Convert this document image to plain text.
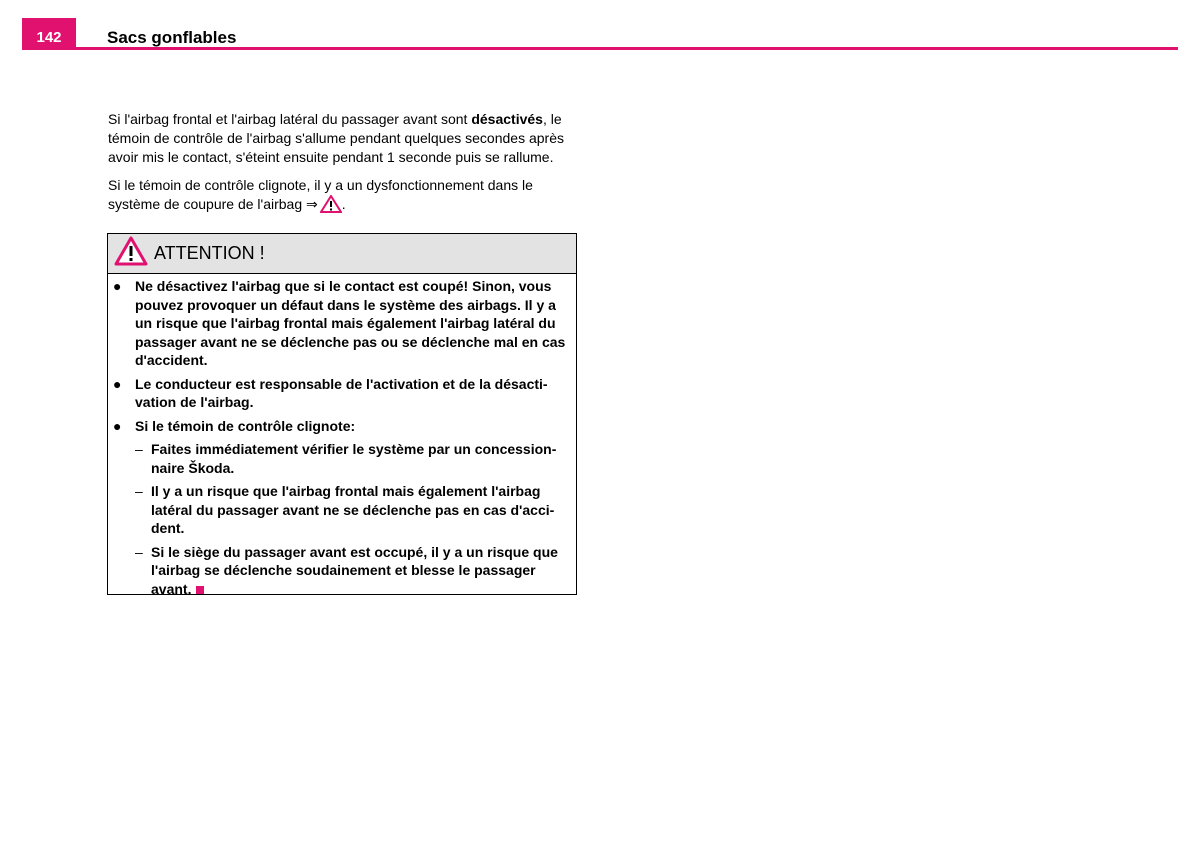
142	Sacs gonflables

Si l'airbag frontal et l'airbag latéral du passager avant sont désactivés, le témoin de contrôle de l'airbag s'allume pendant quelques secondes après avoir mis le contact, s'éteint ensuite pendant 1 seconde puis se rallume.

Si le témoin de contrôle clignote, il y a un dysfonctionnement dans le système de coupure de l'airbag ⇒ .

ATTENTION !
● Ne désactivez l'airbag que si le contact est coupé! Sinon, vous pouvez provoquer un défaut dans le système des airbags. Il y a un risque que l'airbag frontal mais également l'airbag latéral du passager avant ne se déclenche pas ou se déclenche mal en cas d'accident.
● Le conducteur est responsable de l'activation et de la désactivation de l'airbag.
● Si le témoin de contrôle clignote:
– Faites immédiatement vérifier le système par un concessionnaire Škoda.
– Il y a un risque que l'airbag frontal mais également l'airbag latéral du passager avant ne se déclenche pas en cas d'accident.
– Si le siège du passager avant est occupé, il y a un risque que l'airbag se déclenche soudainement et blesse le passager avant.
